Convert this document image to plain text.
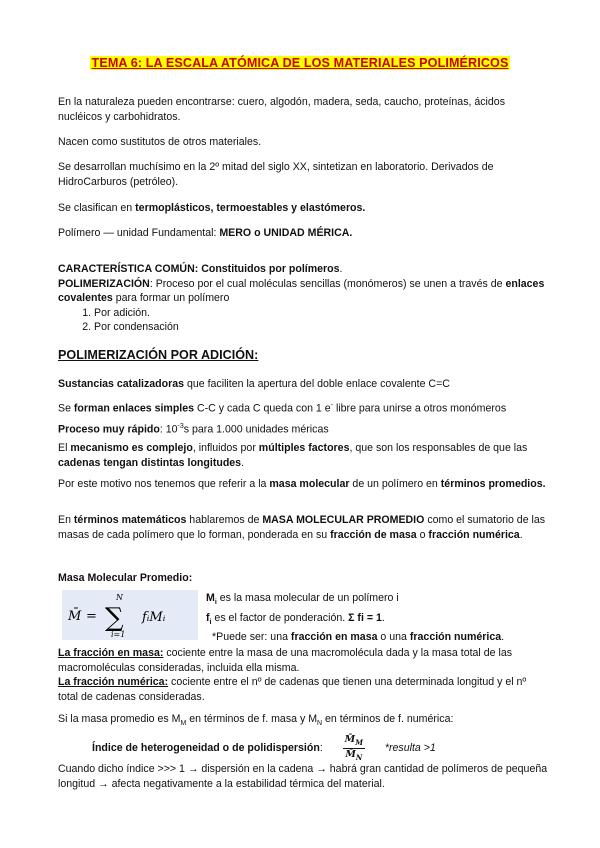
TEMA 6: LA ESCALA ATÓMICA DE LOS MATERIALES POLIMÉRICOS

En la naturaleza pueden encontrarse: cuero, algodón, madera, seda, caucho, proteínas, ácidos nucléicos y carbohidratos.

Nacen como sustitutos de otros materiales.

Se desarrollan muchísimo en la 2º mitad del siglo XX, sintetizan en laboratorio. Derivados de HidroCarburos (petróleo).

Se clasifican en termoplásticos, termoestables y elastómeros.

Polímero — unidad Fundamental: MERO o UNIDAD MÉRICA.

CARACTERÍSTICA COMÚN: Constituidos por polímeros.

POLIMERIZACIÓN: Proceso por el cual moléculas sencillas (monómeros) se unen a través de enlaces covalentes para formar un polímero

1. Por adición.
2. Por condensación

POLIMERIZACIÓN POR ADICIÓN:

Sustancias catalizadoras que faciliten la apertura del doble enlace covalente C=C

Se forman enlaces simples C-C y cada C queda con 1 e- libre para unirse a otros monómeros

Proceso muy rápido: $10^{-3}s$ para 1.000 unidades méricas

El mecanismo es complejo, influidos por múltiples factores, que son los responsables de que las cadenas tengan distintas longitudes.

Por este motivo nos tenemos que referir a la masa molecular de un polímero en términos promedios.

En términos matemáticos hablaremos de MASA MOLECULAR PROMEDIO como el sumatorio de las masas de cada polímero que lo forman, ponderada en su fracción de masa o fracción numérica.

Masa Molecular Promedio:

M̄ = ∑
N
i=1
fᵢMᵢ

$M_i$ es la masa molecular de un polímero i

$f_i$ es el factor de ponderación. Σ fi = 1.

*Puede ser: una fracción en masa o una fracción numérica.

La fracción en masa: cociente entre la masa de una macromolécula dada y la masa total de las macromoléculas consideradas, incluida ella misma.

La fracción numérica: cociente entre el nº de cadenas que tienen una determinada longitud y el nº total de cadenas consideradas.

Si la masa promedio es $M_M$ en términos de f. masa y $M_N$ en términos de f. numérica:

Índice de heterogeneidad o de polidispersión: $\frac{M̄_M}{M̄_N}$ *resulta >1

Cuando dicho índice >>> 1 → dispersión en la cadena → habrá gran cantidad de polímeros de pequeña longitud → afecta negativamente a la estabilidad térmica del material.
